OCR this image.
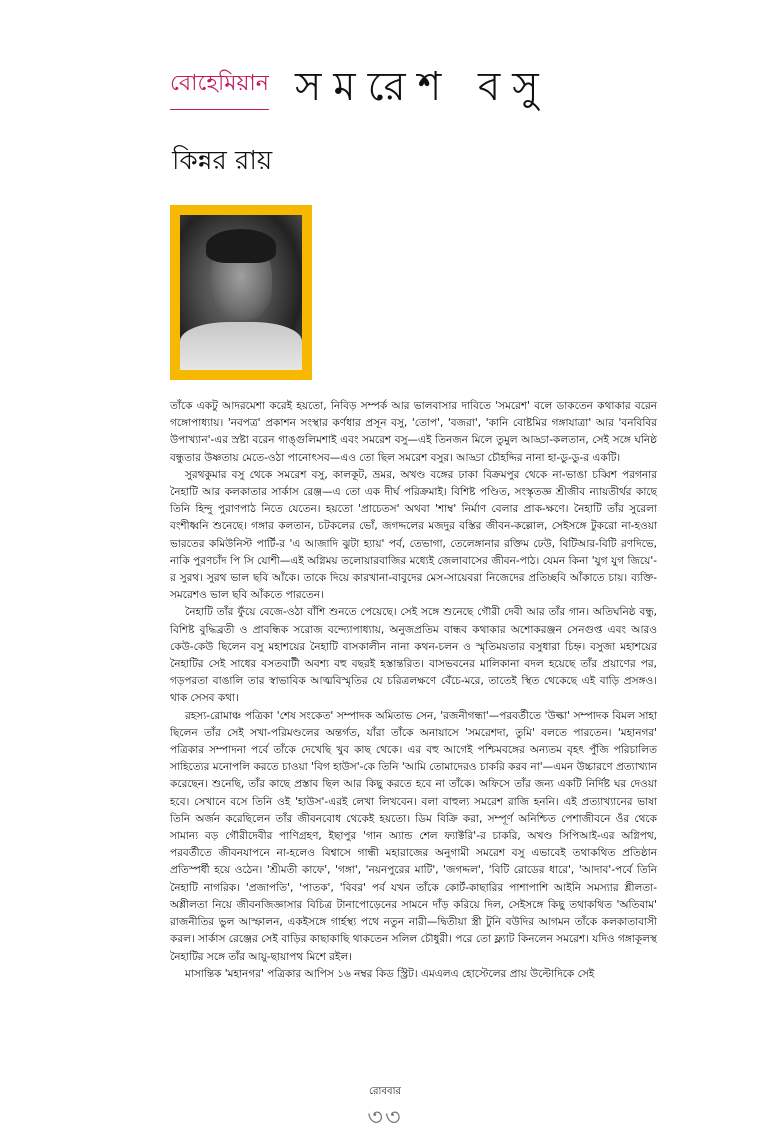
বোহেমিয়ান সমরেশ বসু
কিন্নর রায়

তাঁকে একটু আদরমেশা করেই হয়তো, নিবিড় সম্পর্ক আর ভালবাসার দাবিতে 'সমরেশ' বলে ডাকতেন কথাকার বরেন গঙ্গোপাধ্যায়। 'নবপত্র' প্রকাশন সংস্থার কর্ণধার প্রসূন বসু, 'তোপ', 'বজরা', 'কানি বোষ্টমির গঙ্গাযাত্রা' আর 'বনবিবির উপাখ্যান'-এর স্রষ্টা বরেন গাঙ্গুলিমশাই এবং সমরেশ বসু—এই তিনজন মিলে তুমুল আড্ডা-কলতান, সেই সঙ্গে ঘনিষ্ঠ বন্ধুতার উষ্ণতায় মেতে-ওঠা পানোৎসব—এও তো ছিল সমরেশ বসুর। আড্ডা চৌহদ্দির নানা হা-ডু-ডু-র একটি।

সুরথকুমার বসু থেকে সমরেশ বসু, কালকূট, ভ্রমর, অখণ্ড বঙ্গের ঢাকা বিক্রমপুর থেকে না-ভাঙা চব্বিশ পরগনার নৈহাটি আর কলকাতার সার্কাস রেঞ্জ—এ তো এক দীর্ঘ পরিক্রমাই। বিশিষ্ট পণ্ডিত, সংস্কৃতজ্ঞ শ্রীজীব ন্যায়তীর্থর কাছে তিনি হিন্দু পুরাণপাঠ নিতে যেতেন। হয়তো 'প্রাচেতস' অথবা 'শাম্ব' নির্মাণ বেলার প্রাক-ক্ষণে। নৈহাটি তাঁর সুরেলা বংশীধ্বনি শুনেছে। গঙ্গার কলতান, চটকলের ভোঁ, জগদ্দলের মজদুর বস্তির জীবন-কল্লোল, সেইসঙ্গে টুকরো না-হওয়া ভারতের কমিউনিস্ট পার্টি-র 'এ আজাদি ঝুটা হ্যায়' পর্ব, তেভাগা, তেলেঙ্গানার রক্তিম ঢেউ, বিটিআর-বিটি রণদিভে, নাকি পুরণচাঁদ পি সি যোশী—এই অগ্নিময় তলোয়ারবাজির মধ্যেই জেলাবাসের জীবন-পাঠ। যেমন কিনা 'যুগ যুগ জিয়ে'-র সুরথ। সুরথ ভাল ছবি আঁকে। তাকে দিয়ে কারখানা-বাবুদের মেস-সায়েবরা নিজেদের প্রতিচ্ছবি আঁকাতে চায়। ব্যক্তি-সমরেশও ভাল ছবি আঁকতে পারতেন।

নৈহাটি তাঁর ফুঁয়ে বেজে-ওঠা বাঁশি শুনতে পেয়েছে। সেই সঙ্গে শুনেছে গৌরী দেবী আর তাঁর গান। অতিঘনিষ্ঠ বন্ধু, বিশিষ্ট বুদ্ধিব্রতী ও প্রাবন্ধিক সরোজ বন্দ্যোপাধ্যায়, অনুজপ্রতিম বান্ধব কথাকার অশোকরঞ্জন সেনগুপ্ত এবং আরও কেউ-কেউ ছিলেন বসু মহাশয়ের নৈহাটি বাসকালীন নানা কথন-চলন ও স্মৃতিময়তার বসুধারা চিহ্ন। বসুজা মহাশয়ের নৈহাটির সেই সাধের বসতবাটী অবশ্য বহু বছরই হস্তান্তরিত। বাসভবনের মালিকানা বদল হয়েছে তাঁর প্রয়াণের পর, গড়পরতা বাঙালি তার স্বাভাবিক আত্মবিস্মৃতির যে চরিত্রলক্ষণে বেঁচে-মরে, তাতেই স্থিত থেকেছে এই বাড়ি প্রসঙ্গও। থাক সেসব কথা।

রহস্য-রোমাঞ্চ পত্রিকা 'শেষ সংকেত' সম্পাদক অমিতাভ সেন, 'রজনীগন্ধা'—পরবর্তীতে 'উল্কা' সম্পাদক বিমল সাহা ছিলেন তাঁর সেই সখা-পরিমণ্ডলের অন্তর্গত, যাঁরা তাঁকে অনায়াসে 'সমরেশদা, তুমি' বলতে পারতেন। 'মহানগর' পত্রিকার সম্পাদনা পর্বে তাঁকে দেখেছি খুব কাছ থেকে। এর বহু আগেই পশ্চিমবঙ্গের অন্যতম বৃহৎ পুঁজি পরিচালিত সাহিত্যের মনোপলি করতে চাওয়া 'বিগ হাউস'-কে তিনি 'আমি তোমাদেরও চাকরি করব না'—এমন উচ্চারণে প্রত্যাখ্যান করেছেন। শুনেছি, তাঁর কাছে প্রস্তাব ছিল আর কিছু করতে হবে না তাঁকে। অফিসে তাঁর জন্য একটি নির্দিষ্ট ঘর দেওয়া হবে। সেখানে বসে তিনি ওই 'হাউস'-এরই লেখা লিখবেন। বলা বাহুল্য সমরেশ রাজি হননি। এই প্রত্যাখ্যানের ভাষা তিনি অর্জন করেছিলেন তাঁর জীবনবোধ থেকেই হয়তো। ডিম বিক্রি করা, সম্পূর্ণ অনিশ্চিত পেশাজীবনে ওঁর থেকে সামান্য বড় গৌরীদেবীর পাণিগ্রহণ, ইছাপুর 'গান অ্যান্ড শেল ফ্যাক্টরি'-র চাকরি, অখণ্ড সিপিআই-এর অগ্নিপথ, পরবর্তীতে জীবনযাপনে না-হলেও বিশ্বাসে গান্ধী মহারাজের অনুগামী সমরেশ বসু এভাবেই তথাকথিত প্রতিষ্ঠান প্রতিস্পর্ধী হয়ে ওঠেন। 'শ্রীমতী কাফে', 'গঙ্গা', 'নয়নপুরের মাটি', 'জগদ্দল', 'বিটি রোডের ধারে', 'আদাব'-পর্বে তিনি নৈহাটি নাগরিক। 'প্রজাপতি', 'পাতক', 'বিবর' পর্ব যখন তাঁকে কোর্ট-কাছারির পাশাপাশি আইনি সমস্যার শ্লীলতা-অশ্লীলতা নিয়ে জীবনজিজ্ঞাসার বিচিত্র টানাপোড়েনের সামনে দাঁড় করিয়ে দিল, সেইসঙ্গে কিছু তথাকথিত 'অতিবাম' রাজনীতির ভুল আস্ফালন, একইসঙ্গে গার্হস্থ্য পথে নতুন নারী—দ্বিতীয়া স্ত্রী টুনি বউদির আগমন তাঁকে কলকাতাবাসী করল। সার্কাস রেঞ্জের সেই বাড়ির কাছাকাছি থাকতেন সলিল চৌধুরী। পরে তো ফ্ল্যাট কিনলেন সমরেশ। যদিও গঙ্গাকূলস্থ নৈহাটির সঙ্গে তাঁর আয়ু-ছায়াপথ মিশে রইল।

মাসান্তিক 'মহানগর' পত্রিকার আপিস ১৬ নম্বর কিড স্ট্রিট। এমএলএ হোস্টেলের প্রায় উল্টোদিকে সেই

রোববার
৩৩
